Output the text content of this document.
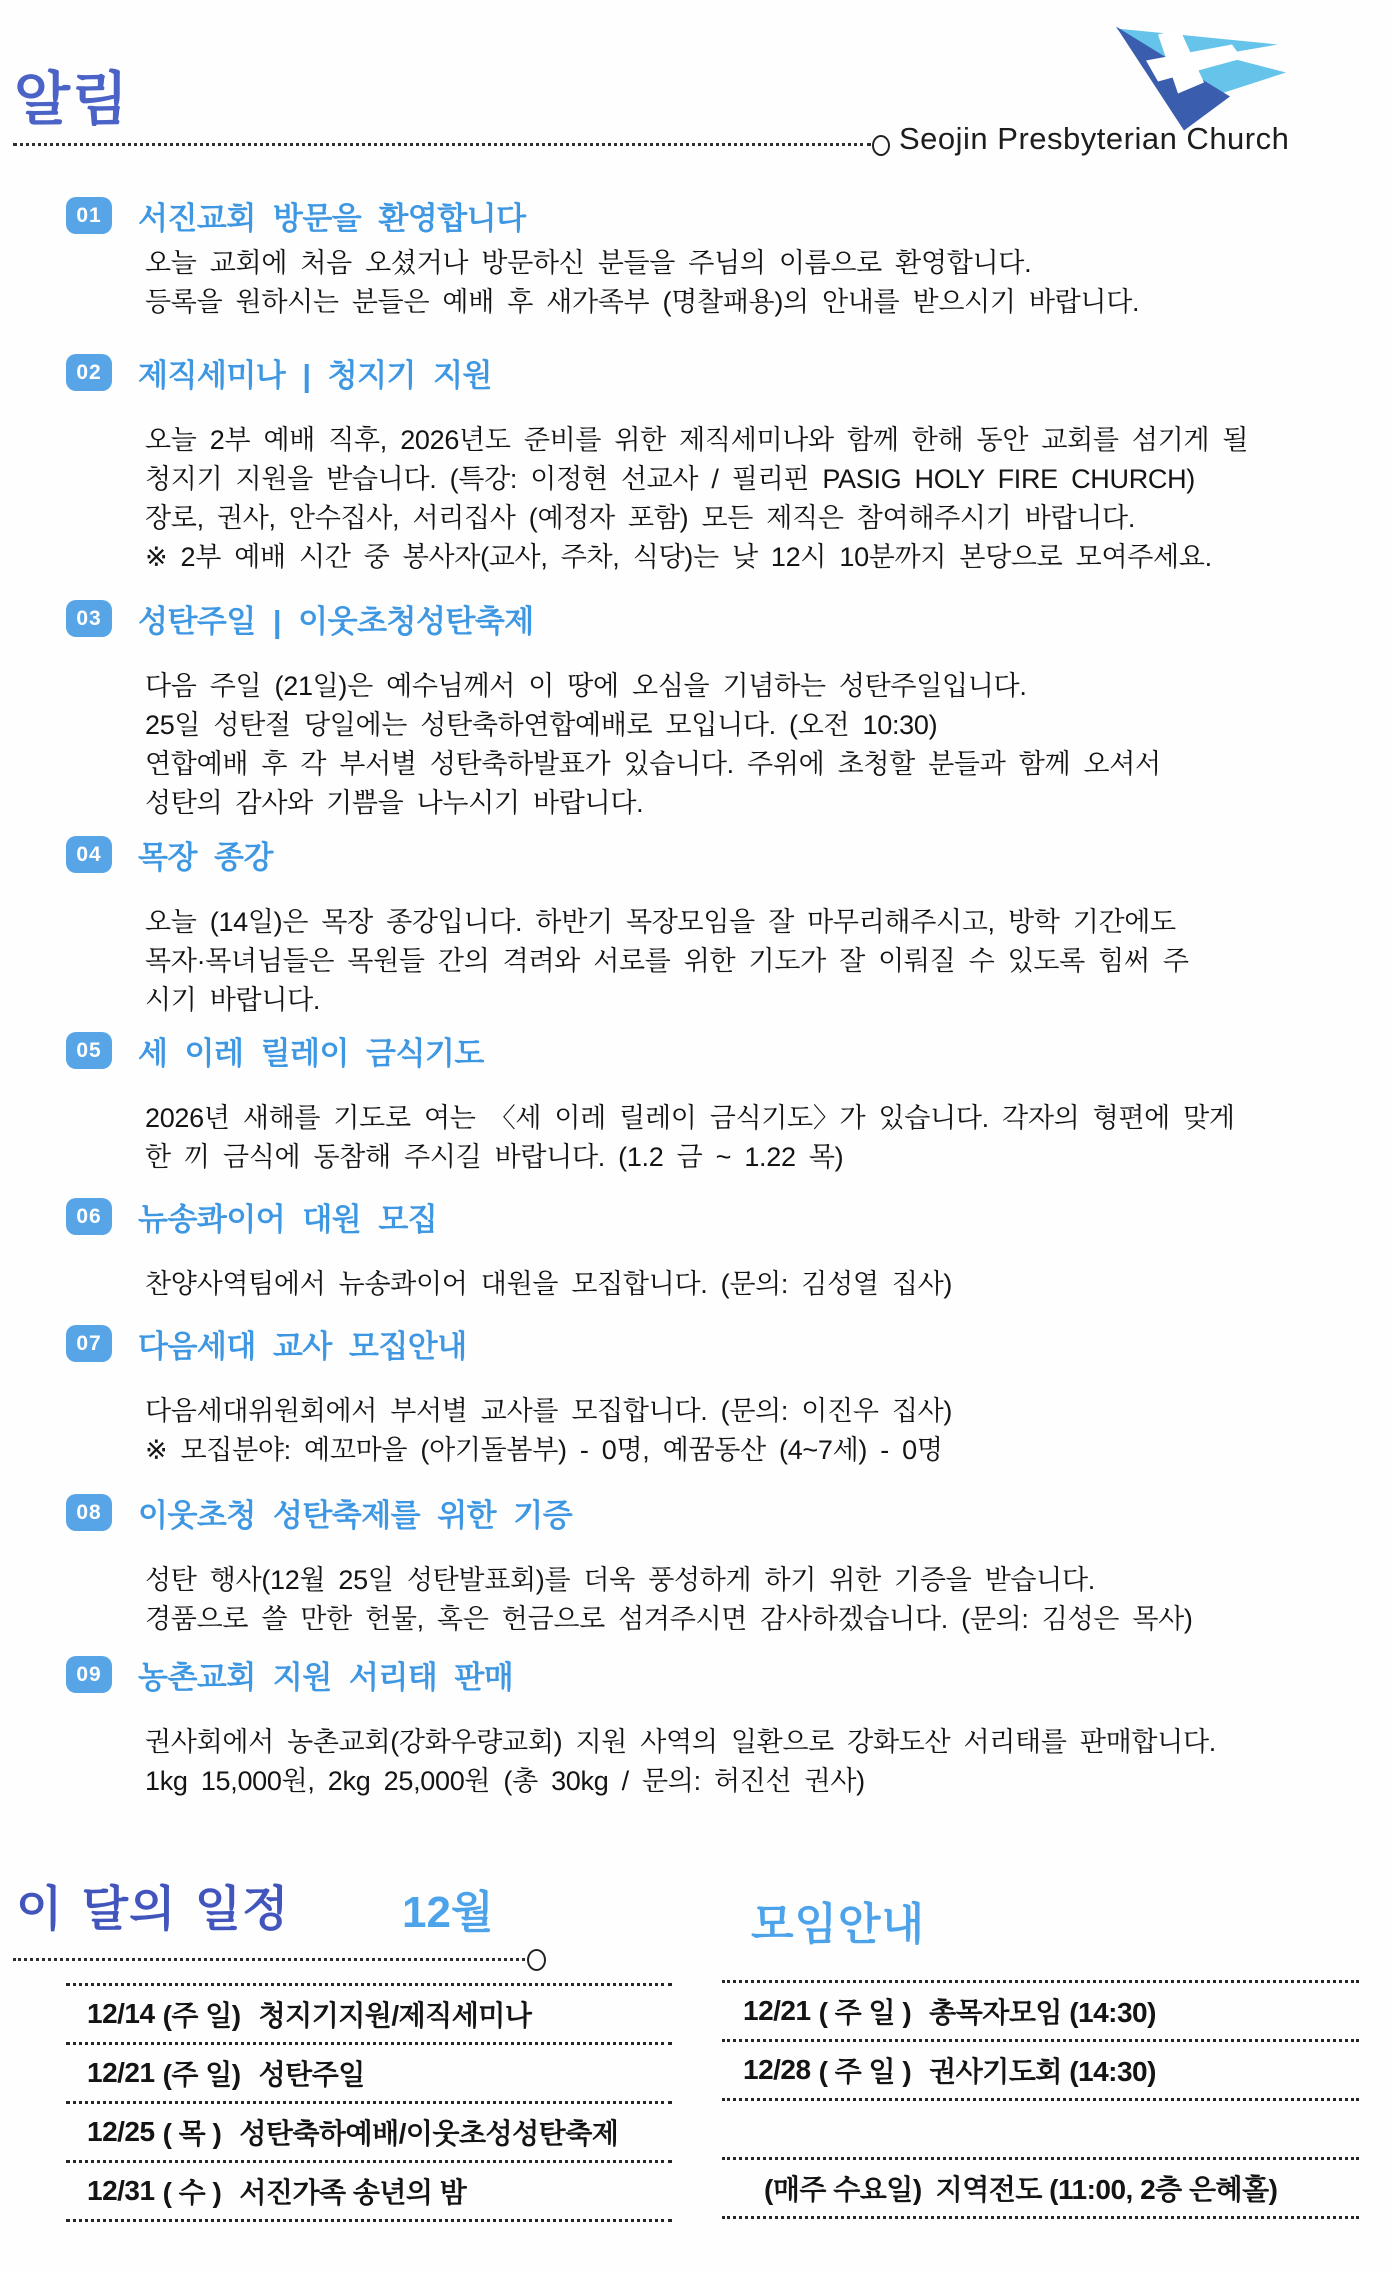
알림
Seojin Presbyterian Church
01	서진교회 방문을 환영합니다
오늘 교회에 처음 오셨거나 방문하신 분들을 주님의 이름으로 환영합니다.
등록을 원하시는 분들은 예배 후 새가족부 (명찰패용)의 안내를 받으시기 바랍니다.
02	제직세미나 | 청지기 지원
오늘 2부 예배 직후, 2026년도 준비를 위한 제직세미나와 함께 한해 동안 교회를 섬기게 될
청지기 지원을 받습니다. (특강: 이정현 선교사 / 필리핀 PASIG HOLY FIRE CHURCH)
장로, 권사, 안수집사, 서리집사 (예정자 포함) 모든 제직은 참여해주시기 바랍니다.
※ 2부 예배 시간 중 봉사자(교사, 주차, 식당)는 낮 12시 10분까지 본당으로 모여주세요.
03	성탄주일 | 이웃초청성탄축제
다음 주일 (21일)은 예수님께서 이 땅에 오심을 기념하는 성탄주일입니다.
25일 성탄절 당일에는 성탄축하연합예배로 모입니다. (오전 10:30)
연합예배 후 각 부서별 성탄축하발표가 있습니다. 주위에 초청할 분들과 함께 오셔서
성탄의 감사와 기쁨을 나누시기 바랍니다.
04	목장 종강
오늘 (14일)은 목장 종강입니다. 하반기 목장모임을 잘 마무리해주시고, 방학 기간에도
목자·목녀님들은 목원들 간의 격려와 서로를 위한 기도가 잘 이뤄질 수 있도록 힘써 주
시기 바랍니다.
05	세 이레 릴레이 금식기도
2026년 새해를 기도로 여는 〈세 이레 릴레이 금식기도〉가 있습니다. 각자의 형편에 맞게
한 끼 금식에 동참해 주시길 바랍니다. (1.2 금 ~ 1.22 목)
06	뉴송콰이어 대원 모집
찬양사역팀에서 뉴송콰이어 대원을 모집합니다. (문의: 김성열 집사)
07	다음세대 교사 모집안내
다음세대위원회에서 부서별 교사를 모집합니다. (문의: 이진우 집사)
※ 모집분야: 예꼬마을 (아기돌봄부) - 0명, 예꿈동산 (4~7세) - 0명
08	이웃초청 성탄축제를 위한 기증
성탄 행사(12월 25일 성탄발표회)를 더욱 풍성하게 하기 위한 기증을 받습니다.
경품으로 쓸 만한 헌물, 혹은 헌금으로 섬겨주시면 감사하겠습니다. (문의: 김성은 목사)
09	농촌교회 지원 서리태 판매
권사회에서 농촌교회(강화우량교회) 지원 사역의 일환으로 강화도산 서리태를 판매합니다.
1kg 15,000원, 2kg 25,000원 (총 30kg / 문의: 허진선 권사)
이 달의 일정	12월	모임안내
12/14 (주 일) 청지기지원/제직세미나
12/21 (주 일) 성탄주일
12/25 ( 목 ) 성탄축하예배/이웃초성성탄축제
12/31 ( 수 ) 서진가족 송년의 밤
12/21 ( 주 일 ) 총목자모임 (14:30)
12/28 ( 주 일 ) 권사기도회 (14:30)
(매주 수요일) 지역전도 (11:00, 2층 은혜홀)
